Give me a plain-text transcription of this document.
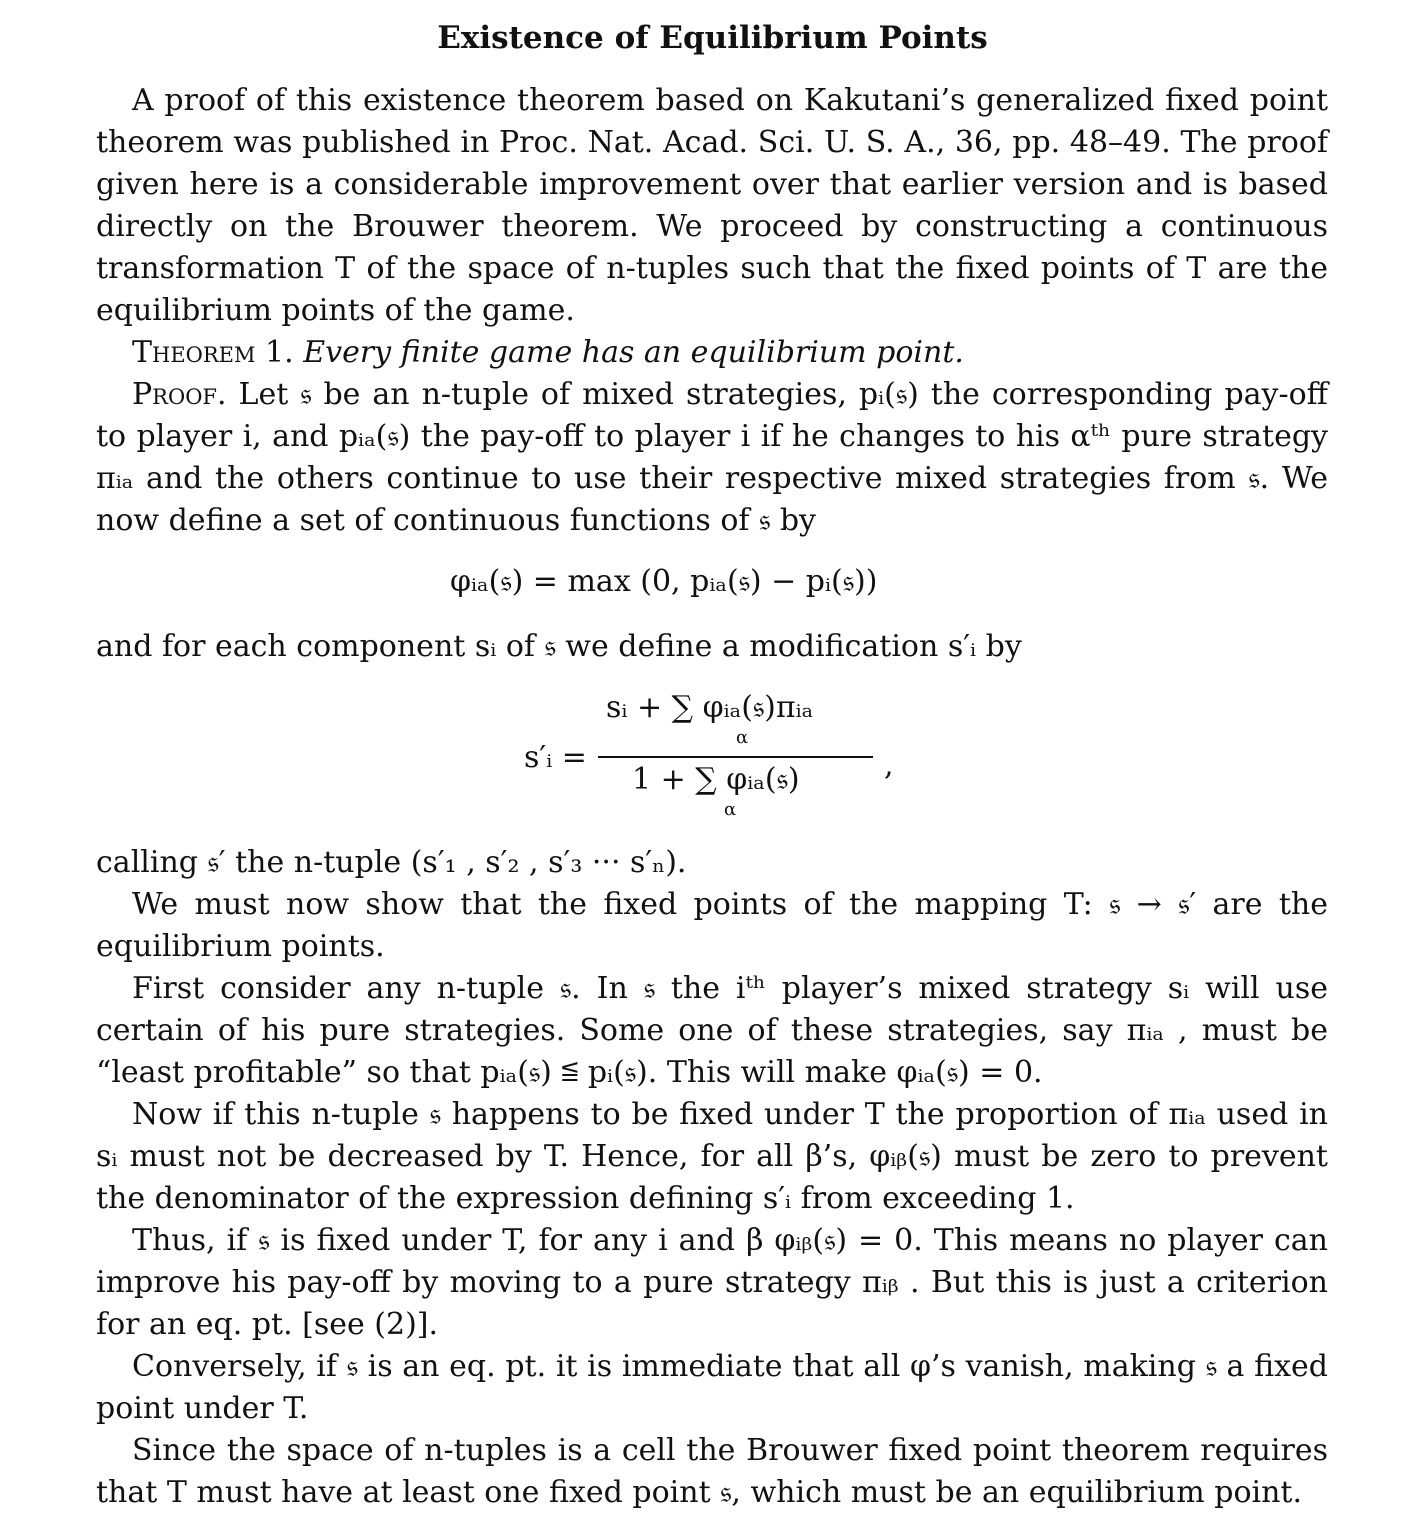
Existence of Equilibrium Points
A proof of this existence theorem based on Kakutani’s generalized fixed point theorem was published in Proc. Nat. Acad. Sci. U. S. A., 36, pp. 48–49. The proof given here is a considerable improvement over that earlier version and is based directly on the Brouwer theorem. We proceed by constructing a continuous transformation T of the space of n-tuples such that the fixed points of T are the equilibrium points of the game.
Theorem 1. Every finite game has an equilibrium point.
Proof. Let 𝔰 be an n-tuple of mixed strategies, pᵢ(𝔰) the corresponding pay-off to player i, and pᵢₐ(𝔰) the pay-off to player i if he changes to his αᵗʰ pure strategy πᵢₐ and the others continue to use their respective mixed strategies from 𝔰. We now define a set of continuous functions of 𝔰 by
φᵢₐ(𝔰) = max (0, pᵢₐ(𝔰) − pᵢ(𝔰))
and for each component sᵢ of 𝔰 we define a modification s′ᵢ by
s′ᵢ =
sᵢ + ∑ φᵢₐ(𝔰)πᵢₐ
α
1 + ∑ φᵢₐ(𝔰)
α
,
calling 𝔰′ the n-tuple (s′₁ , s′₂ , s′₃ ··· s′ₙ).
We must now show that the fixed points of the mapping T: 𝔰 → 𝔰′ are the equilibrium points.
First consider any n-tuple 𝔰. In 𝔰 the iᵗʰ player’s mixed strategy sᵢ will use certain of his pure strategies. Some one of these strategies, say πᵢₐ , must be “least profitable” so that pᵢₐ(𝔰) ≦ pᵢ(𝔰). This will make φᵢₐ(𝔰) = 0.
Now if this n-tuple 𝔰 happens to be fixed under T the proportion of πᵢₐ used in sᵢ must not be decreased by T. Hence, for all β’s, φᵢᵦ(𝔰) must be zero to prevent the denominator of the expression defining s′ᵢ from exceeding 1.
Thus, if 𝔰 is fixed under T, for any i and β φᵢᵦ(𝔰) = 0. This means no player can improve his pay-off by moving to a pure strategy πᵢᵦ . But this is just a criterion for an eq. pt. [see (2)].
Conversely, if 𝔰 is an eq. pt. it is immediate that all φ’s vanish, making 𝔰 a fixed point under T.
Since the space of n-tuples is a cell the Brouwer fixed point theorem requires that T must have at least one fixed point 𝔰, which must be an equilibrium point.
